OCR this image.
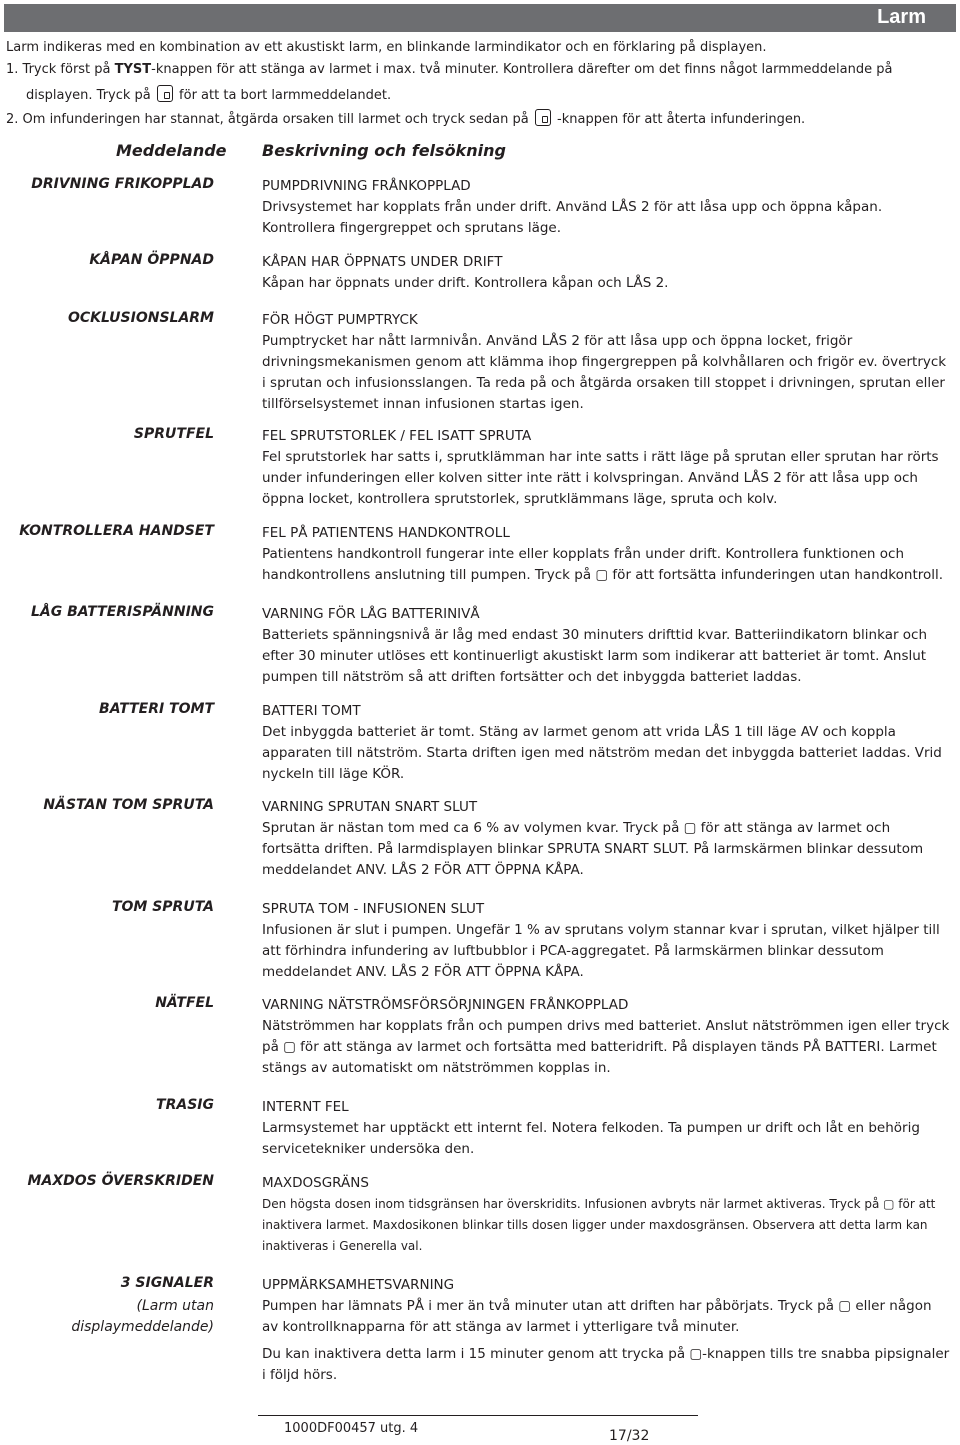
Larm
Larm indikeras med en kombination av ett akustiskt larm, en blinkande larmindikator och en förklaring på displayen.
1. Tryck först på TYST-knappen för att stänga av larmet i max. två minuter. Kontrollera därefter om det finns något larmmeddelande på
displayen. Tryck på för att ta bort larmmeddelandet.
2. Om infunderingen har stannat, åtgärda orsaken till larmet och tryck sedan på -knappen för att återta infunderingen.
Meddelande Beskrivning och felsökning
DRIVNING FRIKOPPLAD
KÅPAN ÖPPNAD
OCKLUSIONSLARM
SPRUTFEL
KONTROLLERA HANDSET
LÅG BATTERISPÄNNING
BATTERI TOMT
NÄSTAN TOM SPRUTA
TOM SPRUTA
NÄTFEL
TRASIG
MAXDOS ÖVERSKRIDEN
3 SIGNALER
(Larm utan
displaymeddelande)
PUMPDRIVNING FRÅNKOPPLAD
Drivsystemet har kopplats från under drift. Använd LÅS 2 för att låsa upp och öppna kåpan. Kontrollera fingergreppet och sprutans läge.
KÅPAN HAR ÖPPNATS UNDER DRIFT
Kåpan har öppnats under drift. Kontrollera kåpan och LÅS 2.
FÖR HÖGT PUMPTRYCK
Pumptrycket har nått larmnivån. Använd LÅS 2 för att låsa upp och öppna locket, frigör drivningsmekanismen genom att klämma ihop fingergreppen på kolvhållaren och frigör ev. övertryck i sprutan och infusionsslangen. Ta reda på och åtgärda orsaken till stoppet i drivningen, sprutan eller tillförselsystemet innan infusionen startas igen.
FEL SPRUTSTORLEK / FEL ISATT SPRUTA
Fel sprutstorlek har satts i, sprutklämman har inte satts i rätt läge på sprutan eller sprutan har rörts under infunderingen eller kolven sitter inte rätt i kolvspringan. Använd LÅS 2 för att låsa upp och öppna locket, kontrollera sprutstorlek, sprutklämmans läge, spruta och kolv.
FEL PÅ PATIENTENS HANDKONTROLL
Patientens handkontroll fungerar inte eller kopplats från under drift. Kontrollera funktionen och handkontrollens anslutning till pumpen. Tryck på ▢ för att fortsätta infunderingen utan handkontroll.
VARNING FÖR LÅG BATTERINIVÅ
Batteriets spänningsnivå är låg med endast 30 minuters drifttid kvar. Batteriindikatorn blinkar och efter 30 minuter utlöses ett kontinuerligt akustiskt larm som indikerar att batteriet är tomt. Anslut pumpen till nätström så att driften fortsätter och det inbyggda batteriet laddas.
BATTERI TOMT
Det inbyggda batteriet är tomt. Stäng av larmet genom att vrida LÅS 1 till läge AV och koppla apparaten till nätström. Starta driften igen med nätström medan det inbyggda batteriet laddas. Vrid nyckeln till läge KÖR.
VARNING SPRUTAN SNART SLUT
Sprutan är nästan tom med ca 6 % av volymen kvar. Tryck på ▢ för att stänga av larmet och fortsätta driften. På larmdisplayen blinkar SPRUTA SNART SLUT. På larmskärmen blinkar dessutom meddelandet ANV. LÅS 2 FÖR ATT ÖPPNA KÅPA.
SPRUTA TOM - INFUSIONEN SLUT
Infusionen är slut i pumpen. Ungefär 1 % av sprutans volym stannar kvar i sprutan, vilket hjälper till att förhindra infundering av luftbubblor i PCA-aggregatet. På larmskärmen blinkar dessutom meddelandet ANV. LÅS 2 FÖR ATT ÖPPNA KÅPA.
VARNING NÄTSTRÖMSFÖRSÖRJNINGEN FRÅNKOPPLAD
Nätströmmen har kopplats från och pumpen drivs med batteriet. Anslut nätströmmen igen eller tryck på ▢ för att stänga av larmet och fortsätta med batteridrift. På displayen tänds PÅ BATTERI. Larmet stängs av automatiskt om nätströmmen kopplas in.
INTERNT FEL
Larmsystemet har upptäckt ett internt fel. Notera felkoden. Ta pumpen ur drift och låt en behörig servicetekniker undersöka den.
MAXDOSGRÄNS
Den högsta dosen inom tidsgränsen har överskridits. Infusionen avbryts när larmet aktiveras. Tryck på ▢ för att inaktivera larmet. Maxdosikonen blinkar tills dosen ligger under maxdosgränsen. Observera att detta larm kan inaktiveras i Generella val.
UPPMÄRKSAMHETSVARNING
Pumpen har lämnats PÅ i mer än två minuter utan att driften har påbörjats. Tryck på ▢ eller någon av kontrollknapparna för att stänga av larmet i ytterligare två minuter.
Du kan inaktivera detta larm i 15 minuter genom att trycka på ▢-knappen tills tre snabba pipsignaler i följd hörs.
1000DF00457 utg. 4	17/32
